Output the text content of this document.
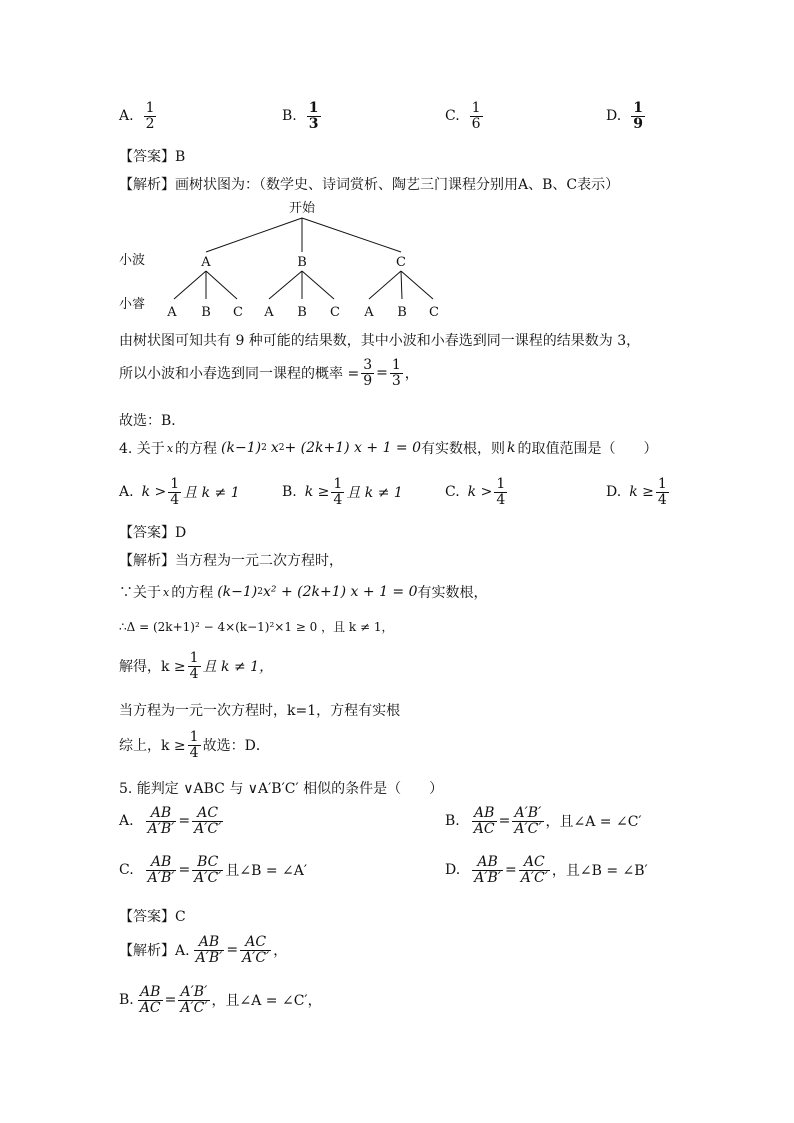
A. $\frac{1}{2}$	B. $\frac{1}{3}$	C. $\frac{1}{6}$	D. $\frac{1}{9}$
【答案】B
【解析】画树状图为：（数学史、诗词赏析、陶艺三门课程分别用A、B、C表示）
开始
小波
小睿
A	B	C
A B C A B C A B C
由树状图可知共有 9 种可能的结果数，其中小波和小春选到同一课程的结果数为 3，
所以小波和小春选到同一课程的概率 = $\frac{3}{9} = \frac{1}{3}$ ，
故选：B．
4. 关于 x 的方程 (k−1) 2 x 2 + (2k+1) x + 1 = 0 有实数根，则 k 的取值范围是（　　）
A. $k > \frac{1}{4}$ 且 k ≠ 1	B. $k \ge \frac{1}{4}$ 且 k ≠ 1	C. $k > \frac{1}{4}$	D. $k \ge \frac{1}{4}$
【答案】D
【解析】当方程为一元二次方程时，
∵关于 x 的方程 (k−1) 2 x² + (2k+1) x + 1 = 0 有实数根，
∴Δ = (2k+1)² − 4×(k−1)²×1 ≥ 0 ，且 k ≠ 1，
解得，$k \ge \frac{1}{4}$ 且 k ≠ 1，
当方程为一元一次方程时，k=1，方程有实根
综上，$k \ge \frac{1}{4}$ 故选：D．
5. 能判定 ∨ABC 与 ∨A′B′C′ 相似的条件是（　　）
A. $\frac{AB}{A'B'} = \frac{AC}{A'C'}$	B. $\frac{AB}{AC} = \frac{A'B'}{A'C'}$ ，且∠A = ∠C′
C. $\frac{AB}{A'B'} = \frac{BC}{A'C'}$ 且∠B = ∠A′	D. $\frac{AB}{A'B'} = \frac{AC}{A'C'}$ ，且∠B = ∠B′
【答案】C
【解析】A. $\frac{AB}{A'B'} = \frac{AC}{A'C'}$ ，
B. $\frac{AB}{AC} = \frac{A'B'}{A'C'}$ ，且∠A = ∠C′，
